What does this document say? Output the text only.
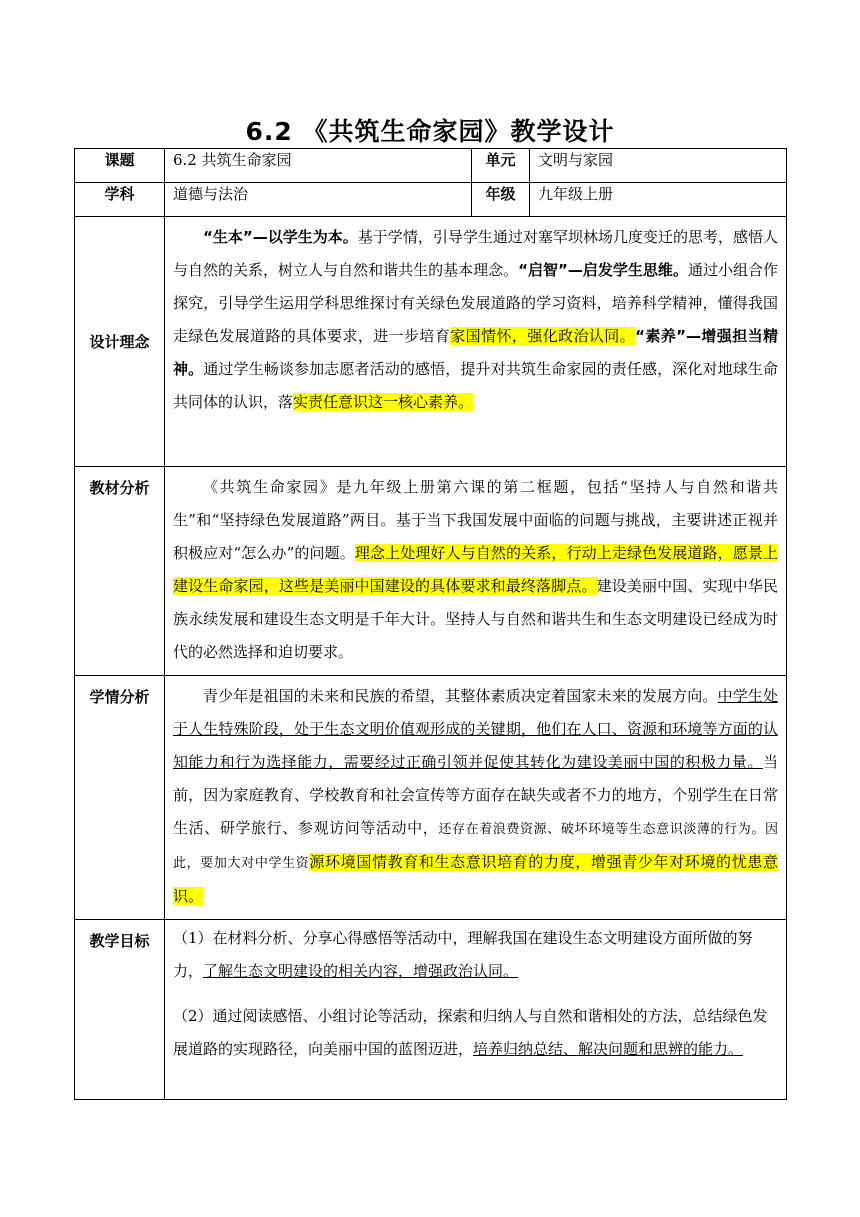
6.2 《共筑生命家园》教学设计
课题	6.2 共筑生命家园	单元	文明与家园
学科	道德与法治	年级	九年级上册
设计理念	“生本”—以学生为本。基于学情，引导学生通过对塞罕坝林场几度变迁的思考，感悟人与自然的关系，树立人与自然和谐共生的基本理念。“启智”—启发学生思维。通过小组合作探究，引导学生运用学科思维探讨有关绿色发展道路的学习资料，培养科学精神，懂得我国走绿色发展道路的具体要求，进一步培育家国情怀，强化政治认同。“素养”—增强担当精神。通过学生畅谈参加志愿者活动的感悟，提升对共筑生命家园的责任感，深化对地球生命共同体的认识，落实责任意识这一核心素养。		

教材分析	《共筑生命家园》是九年级上册第六课的第二框题，包括“坚持人与自然和谐共生”和“坚持绿色发展道路”两目。基于当下我国发展中面临的问题与挑战，主要讲述正视并积极应对“怎么办”的问题。理念上处理好人与自然的关系，行动上走绿色发展道路，愿景上建设生命家园，这些是美丽中国建设的具体要求和最终落脚点。建设美丽中国、实现中华民族永续发展和建设生态文明是千年大计。坚持人与自然和谐共生和生态文明建设已经成为时代的必然选择和迫切要求。		

学情分析	青少年是祖国的未来和民族的希望，其整体素质决定着国家未来的发展方向。中学生处于人生特殊阶段，处于生态文明价值观形成的关键期，他们在人口、资源和环境等方面的认知能力和行为选择能力，需要经过正确引领并促使其转化为建设美丽中国的积极力量。当前，因为家庭教育、学校教育和社会宣传等方面存在缺失或者不力的地方，个别学生在日常生活、研学旅行、参观访问等活动中，还存在着浪费资源、破坏环境等生态意识淡薄的行为。因此，要加大对中学生资源环境国情教育和生态意识培育的力度，增强青少年对环境的忧患意识。		

教学目标	（1）在材料分析、分享心得感悟等活动中，理解我国在建设生态文明建设方面所做的努力，了解生态文明建设的相关内容，增强政治认同。

（2）通过阅读感悟、小组讨论等活动，探索和归纳人与自然和谐相处的方法，总结绿色发展道路的实现路径，向美丽中国的蓝图迈进，培养归纳总结、解决问题和思辨的能力。		
